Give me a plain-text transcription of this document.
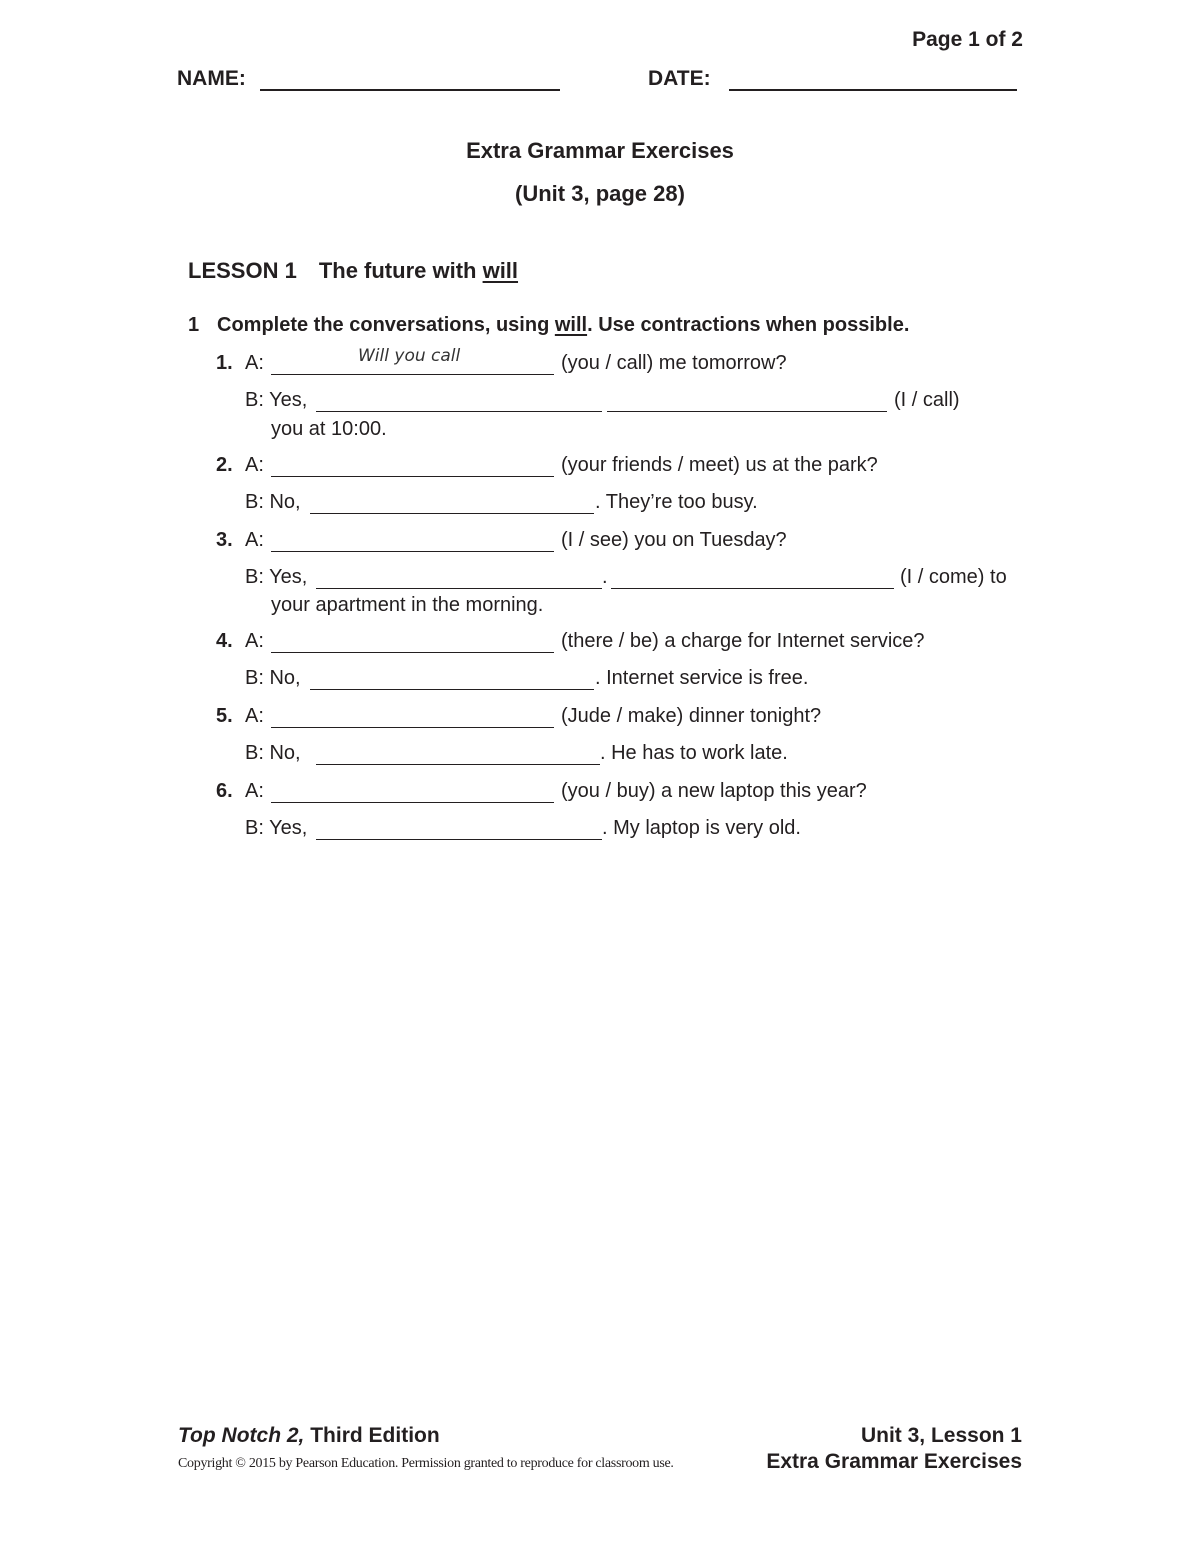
Page 1 of 2
NAME:	DATE:
Extra Grammar Exercises
(Unit 3, page 28)
LESSON 1 The future with will
1 Complete the conversations, using will. Use contractions when possible.
1. A:	Will you call	(you / call) me tomorrow?
B: Yes,	(I / call)
you at 10:00.
2. A:	(your friends / meet) us at the park?
B: No,	. They’re too busy.
3. A:	(I / see) you on Tuesday?
B: Yes,	.	(I / come) to
your apartment in the morning.
4. A:	(there / be) a charge for Internet service?
B: No,	. Internet service is free.
5. A:	(Jude / make) dinner tonight?
B: No,	. He has to work late.
6. A:	(you / buy) a new laptop this year?
B: Yes,	. My laptop is very old.
Top Notch 2, Third Edition	Unit 3, Lesson 1
Copyright © 2015 by Pearson Education. Permission granted to reproduce for classroom use.	Extra Grammar Exercises
